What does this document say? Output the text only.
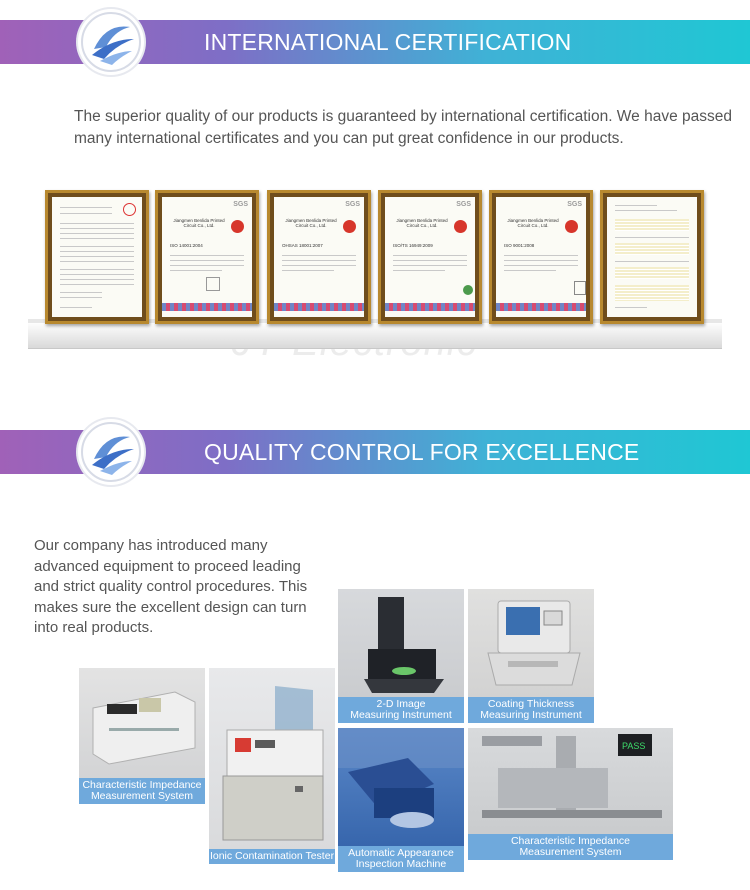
INTERNATIONAL CERTIFICATION
The superior quality of our products is guaranteed by international certification. We have passed many international certificates and you can put great confidence in our products.
SGS
Jiangmen Benlida Printed Circuit Co., Ltd.
ISO 14001:2004
SGS
Jiangmen Benlida Printed Circuit Co., Ltd.
OHSAS 18001:2007
SGS
Jiangmen Benlida Printed Circuit Co., Ltd.
ISO/TS 16949:2009
SGS
Jiangmen Benlida Printed Circuit Co., Ltd.
ISO 9001:2008
QUALITY CONTROL FOR EXCELLENCE
Our company has introduced many advanced equipment to proceed leading and strict quality control procedures. This makes sure the excellent design can turn into real products.
2-D Image
Measuring Instrument
Coating Thickness
Measuring Instrument
Characteristic Impedance
Measurement System
Ionic Contamination Tester	Automatic Appearance
Inspection Machine
PASS
Characteristic Impedance
Measurement System
